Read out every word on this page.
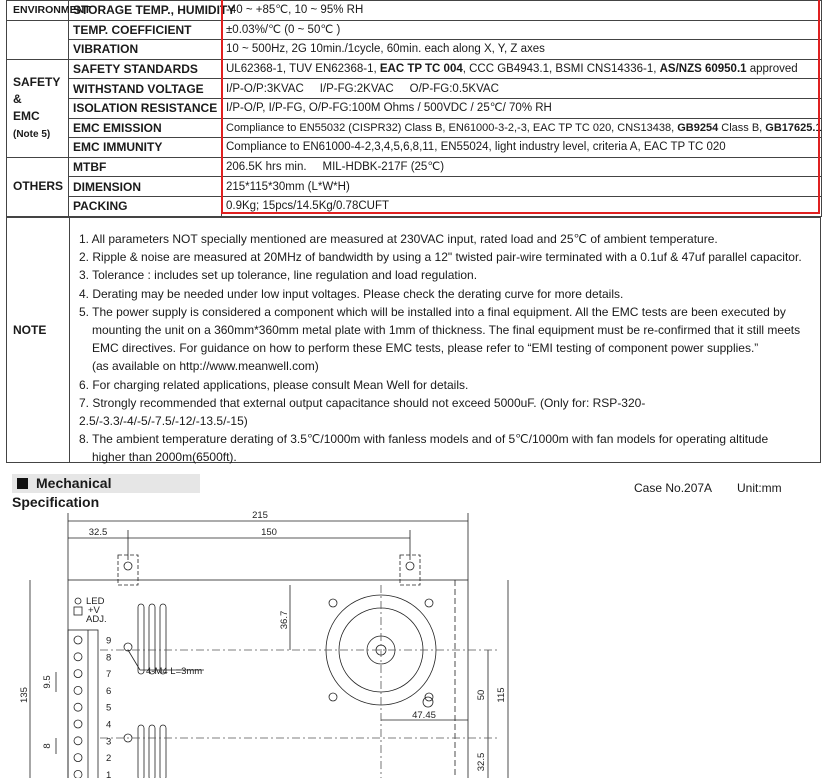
ENVIRONMENT	STORAGE TEMP., HUMIDITY	-40 ~ +85℃, 10 ~ 95% RH
	TEMP. COEFFICIENT	±0.03%/℃ (0 ~ 50℃ )
	VIBRATION	10 ~ 500Hz, 2G 10min./1cycle, 60min. each along X, Y, Z axes
SAFETY &
EMC
(Note 5)	SAFETY STANDARDS	UL62368-1, TUV EN62368-1, EAC TP TC 004, CCC GB4943.1, BSMI CNS14336-1, AS/NZS 60950.1 approved
	WITHSTAND VOLTAGE	I/P-O/P:3KVAC     I/P-FG:2KVAC     O/P-FG:0.5KVAC
	ISOLATION RESISTANCE	I/P-O/P, I/P-FG, O/P-FG:100M Ohms / 500VDC / 25℃/ 70% RH
	EMC EMISSION	Compliance to EN55032 (CISPR32) Class B, EN61000-3-2,-3, EAC TP TC 020, CNS13438, GB9254 Class B, GB17625.1
	EMC IMMUNITY	Compliance to EN61000-4-2,3,4,5,6,8,11, EN55024, light industry level, criteria A, EAC TP TC 020
OTHERS	MTBF	206.5K hrs min.     MIL-HDBK-217F (25℃)
	DIMENSION	215*115*30mm (L*W*H)
	PACKING	0.9Kg; 15pcs/14.5Kg/0.78CUFT
NOTE
1. All parameters NOT specially mentioned are measured at 230VAC input, rated load and 25℃ of ambient temperature.
2. Ripple & noise are measured at 20MHz of bandwidth by using a 12" twisted pair-wire terminated with a 0.1uf & 47uf parallel capacitor.
3. Tolerance : includes set up tolerance, line regulation and load regulation.
4. Derating may be needed under low input voltages. Please check the derating curve for more details.
5. The power supply is considered a component which will be installed into a final equipment. All the EMC tests are been executed by
mounting the unit on a 360mm*360mm metal plate with 1mm of thickness. The final equipment must be re-confirmed that it still meets
EMC directives. For guidance on how to perform these EMC tests, please refer to “EMI testing of component power supplies.”
(as available on http://www.meanwell.com)
6. For charging related applications, please consult Mean Well for details.
7. Strongly recommended that external output capacitance should not exceed 5000uF. (Only for: RSP-320-2.5/-3.3/-4/-5/-7.5/-12/-13.5/-15)
8. The ambient temperature derating of 3.5℃/1000m with fanless models and of 5℃/1000m with fan models for operating altitude
higher than 2000m(6500ft).
Mechanical Specification
Case No.207A Unit:mm
9
8
7
6
5
4
3
2
1
215
32.5	150
36.7
135
9.5
8
50 115
47.45
32.5
LED
+V
ADJ.
4-M4 L=3mm
